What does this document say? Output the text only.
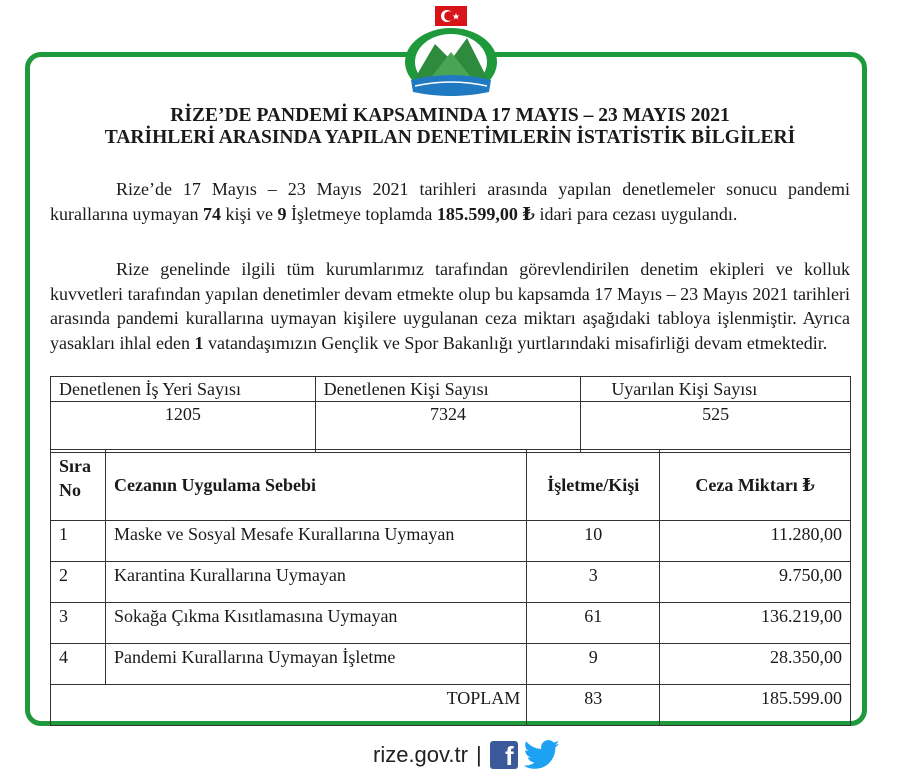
RİZE’DE PANDEMİ KAPSAMINDA 17 MAYIS – 23 MAYIS 2021
TARİHLERİ ARASINDA YAPILAN DENETİMLERİN İSTATİSTİK BİLGİLERİ

Rize’de 17 Mayıs – 23 Mayıs 2021 tarihleri arasında yapılan denetlemeler sonucu pandemi kurallarına uymayan 74 kişi ve 9 İşletmeye toplamda 185.599,00 ₺ idari para cezası uygulandı.

Rize genelinde ilgili tüm kurumlarımız tarafından görevlendirilen denetim ekipleri ve kolluk kuvvetleri tarafından yapılan denetimler devam etmekte olup bu kapsamda 17 Mayıs – 23 Mayıs 2021 tarihleri arasında pandemi kurallarına uymayan kişilere uygulanan ceza miktarı aşağıdaki tabloya işlenmiştir. Ayrıca yasakları ihlal eden 1 vatandaşımızın Gençlik ve Spor Bakanlığı yurtlarındaki misafirliği devam etmektedir.

Denetlenen İş Yeri Sayısı	Denetlenen Kişi Sayısı	Uyarılan Kişi Sayısı
1205	7324	525
Sıra No	Cezanın Uygulama Sebebi	İşletme/Kişi	Ceza Miktarı ₺
1	Maske ve Sosyal Mesafe Kurallarına Uymayan	10	11.280,00
2	Karantina Kurallarına Uymayan	3	9.750,00
3	Sokağa Çıkma Kısıtlamasına Uymayan	61	136.219,00
4	Pandemi Kurallarına Uymayan İşletme	9	28.350,00
TOPLAM		83	185.599.00
rize.gov.tr | f
